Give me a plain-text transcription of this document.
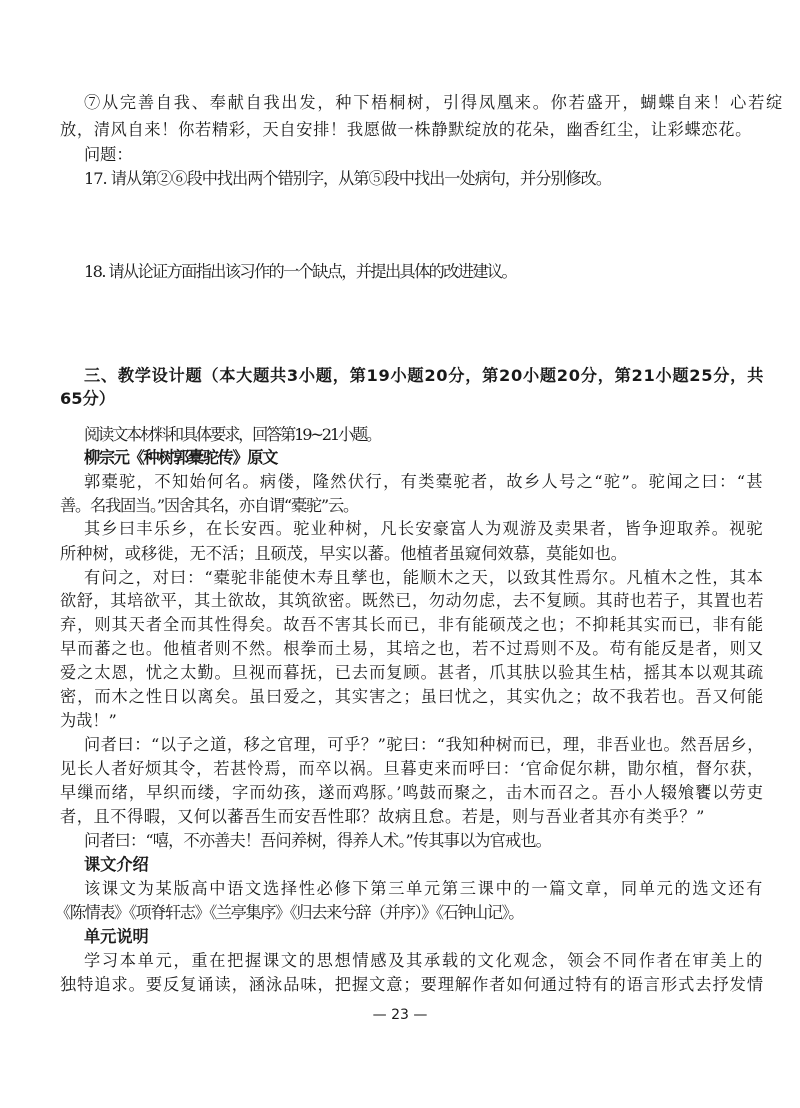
⑦从完善自我、奉献自我出发，种下梧桐树，引得凤凰来。你若盛开，蝴蝶自来！心若绽
放，清风自来！你若精彩，天自安排！我愿做一株静默绽放的花朵，幽香红尘，让彩蝶恋花。
问题：
17. 请从第②⑥段中找出两个错别字，从第⑤段中找出一处病句，并分别修改。
18. 请从论证方面指出该习作的一个缺点，并提出具体的改进建议。
三、教学设计题（本大题共3小题，第19小题20分，第20小题20分，第21小题25分，共
65分）
阅读文本材料和具体要求，回答第19~21小题。
柳宗元《种树郭橐驼传》原文
郭橐驼，不知始何名。病偻，隆然伏行，有类橐驼者，故乡人号之“驼”。驼闻之曰：“甚
善。名我固当。”因舍其名，亦自谓“橐驼”云。
其乡曰丰乐乡，在长安西。驼业种树，凡长安豪富人为观游及卖果者，皆争迎取养。视驼
所种树，或移徙，无不活；且硕茂，早实以蕃。他植者虽窥伺效慕，莫能如也。
有问之，对曰：“橐驼非能使木寿且孳也，能顺木之天，以致其性焉尔。凡植木之性，其本
欲舒，其培欲平，其土欲故，其筑欲密。既然已，勿动勿虑，去不复顾。其莳也若子，其置也若
弃，则其天者全而其性得矣。故吾不害其长而已，非有能硕茂之也；不抑耗其实而已，非有能
早而蕃之也。他植者则不然。根拳而土易，其培之也，若不过焉则不及。苟有能反是者，则又
爱之太恩，忧之太勤。旦视而暮抚，已去而复顾。甚者，爪其肤以验其生枯，摇其本以观其疏
密，而木之性日以离矣。虽曰爱之，其实害之；虽曰忧之，其实仇之；故不我若也。吾又何能
为哉！”
问者曰：“以子之道，移之官理，可乎？”驼曰：“我知种树而已，理，非吾业也。然吾居乡，
见长人者好烦其令，若甚怜焉，而卒以祸。旦暮吏来而呼曰：‘官命促尔耕，勖尔植，督尔获，
早缫而绪，早织而缕，字而幼孩，遂而鸡豚。’鸣鼓而聚之，击木而召之。吾小人辍飧饔以劳吏
者，且不得暇，又何以蕃吾生而安吾性耶？故病且怠。若是，则与吾业者其亦有类乎？”
问者曰：“嘻，不亦善夫！吾问养树，得养人术。”传其事以为官戒也。
课文介绍
该课文为某版高中语文选择性必修下第三单元第三课中的一篇文章，同单元的选文还有
《陈情表》《项脊轩志》《兰亭集序》《归去来兮辞（并序）》《石钟山记》。
单元说明
学习本单元，重在把握课文的思想情感及其承载的文化观念，领会不同作者在审美上的
独特追求。要反复诵读，涵泳品味，把握文意；要理解作者如何通过特有的语言形式去抒发情
— 23 —
